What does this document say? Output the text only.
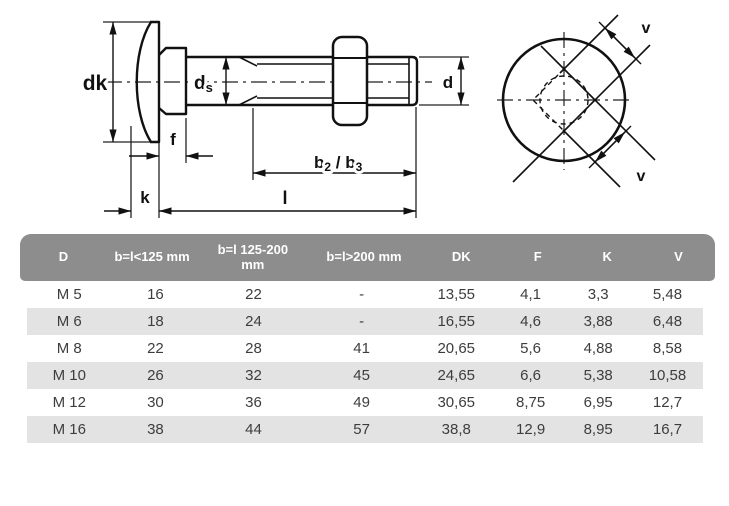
dk	ds
f
k	l
b2 / b3
d
v
v
D	b=l<125 mm	b=l 125-200 mm	b=l>200 mm	DK	F	K	V
M 5	16	22	-	13,55	4,1	3,3	5,48
M 6	18	24	-	16,55	4,6	3,88	6,48
M 8	22	28	41	20,65	5,6	4,88	8,58
M 10	26	32	45	24,65	6,6	5,38	10,58
M 12	30	36	49	30,65	8,75	6,95	12,7
M 16	38	44	57	38,8	12,9	8,95	16,7
